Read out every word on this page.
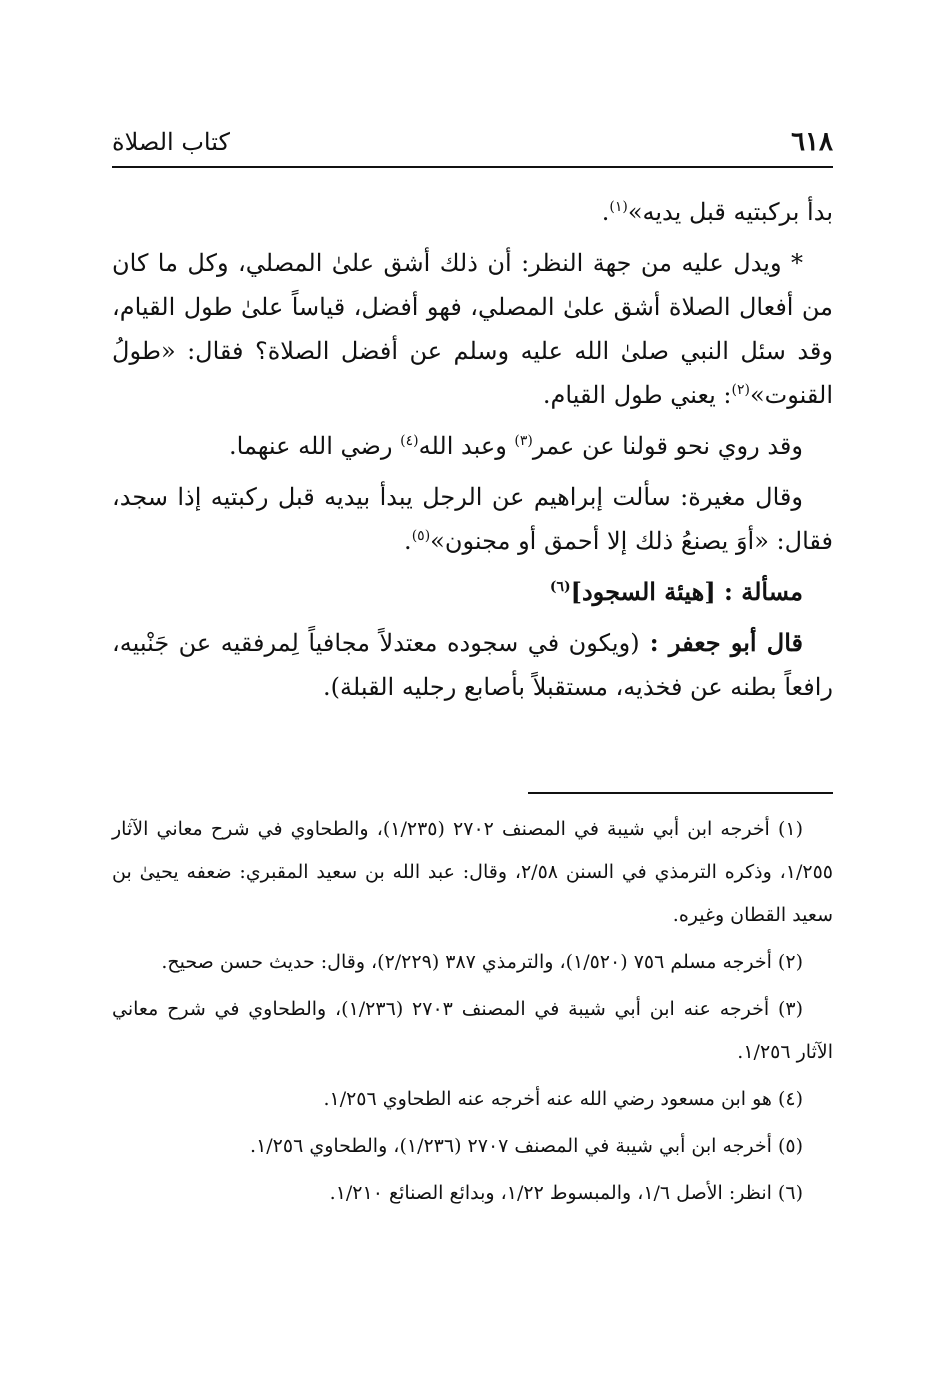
٦١٨
كتاب الصلاة

بدأ بركبتيه قبل يديه»$^{(١)}$.

* ويدل عليه من جهة النظر: أن ذلك أشق علىٰ المصلي، وكل ما كان من أفعال الصلاة أشق علىٰ المصلي، فهو أفضل، قياساً علىٰ طول القيام، وقد سئل النبي صلىٰ الله عليه وسلم عن أفضل الصلاة؟ فقال: «طولُ القنوت»$^{(٢)}$: يعني طول القيام.

وقد روي نحو قولنا عن عمر$^{(٣)}$ وعبد الله$^{(٤)}$ رضي الله عنهما.

وقال مغيرة: سألت إبراهيم عن الرجل يبدأ بيديه قبل ركبتيه إذا سجد، فقال: «أوَ يصنعُ ذلك إلا أحمق أو مجنون»$^{(٥)}$.

مسألة : [هيئة السجود]$^{(٦)}$

قال أبو جعفر : (ويكون في سجوده معتدلاً مجافياً لِمرفقيه عن جَنْبيه، رافعاً بطنه عن فخذيه، مستقبلاً بأصابع رجليه القبلة).

(١) أخرجه ابن أبي شيبة في المصنف ٢٧٠٢ (١/٢٣٥)، والطحاوي في شرح معاني الآثار ١/٢٥٥، وذكره الترمذي في السنن ٢/٥٨، وقال: عبد الله بن سعيد المقبري: ضعفه يحيىٰ بن سعيد القطان وغيره.

(٢) أخرجه مسلم ٧٥٦ (١/٥٢٠)، والترمذي ٣٨٧ (٢/٢٢٩)، وقال: حديث حسن صحيح.

(٣) أخرجه عنه ابن أبي شيبة في المصنف ٢٧٠٣ (١/٢٣٦)، والطحاوي في شرح معاني الآثار ١/٢٥٦.

(٤) هو ابن مسعود رضي الله عنه أخرجه عنه الطحاوي ١/٢٥٦.

(٥) أخرجه ابن أبي شيبة في المصنف ٢٧٠٧ (١/٢٣٦)، والطحاوي ١/٢٥٦.

(٦) انظر: الأصل ١/٦، والمبسوط ١/٢٢، وبدائع الصنائع ١/٢١٠.
